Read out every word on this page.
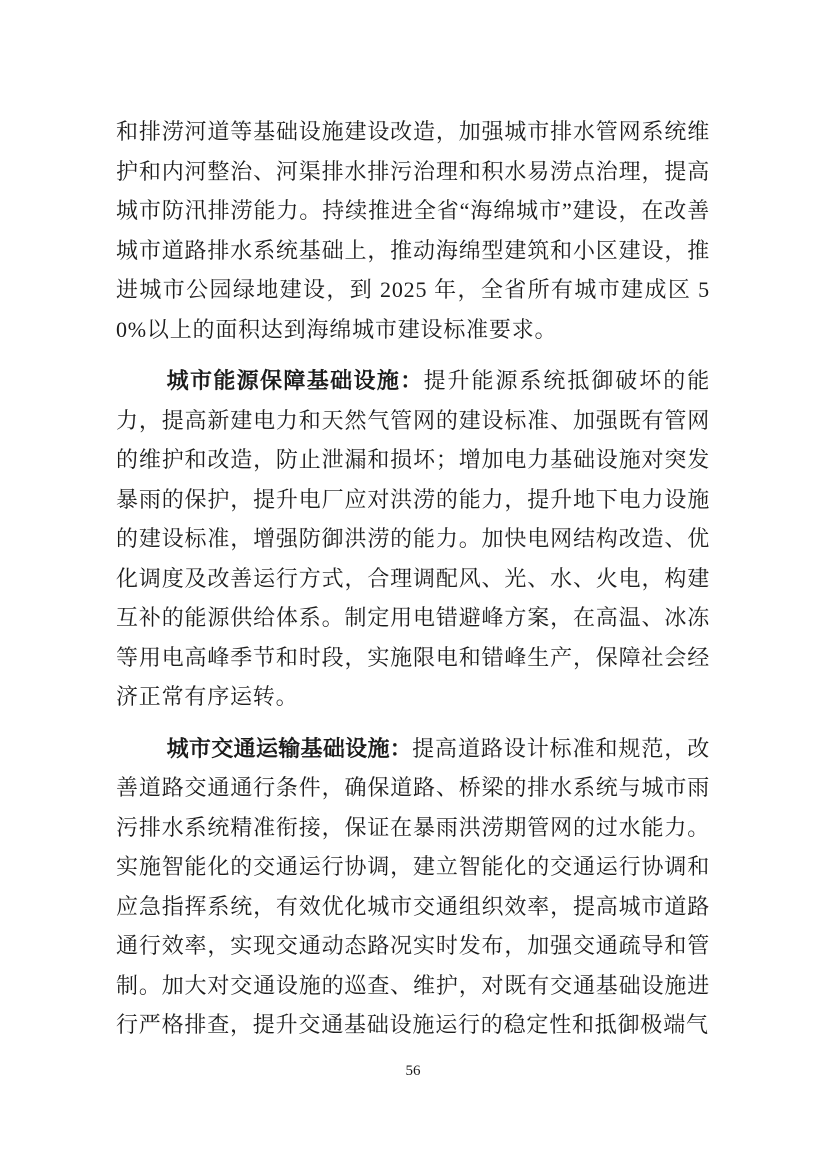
和排涝河道等基础设施建设改造，加强城市排水管网系统维护和内河整治、河渠排水排污治理和积水易涝点治理，提高城市防汛排涝能力。持续推进全省“海绵城市”建设，在改善城市道路排水系统基础上，推动海绵型建筑和小区建设，推进城市公园绿地建设，到 2025 年，全省所有城市建成区 50%以上的面积达到海绵城市建设标准要求。

城市能源保障基础设施：提升能源系统抵御破坏的能力，提高新建电力和天然气管网的建设标准、加强既有管网的维护和改造，防止泄漏和损坏；增加电力基础设施对突发暴雨的保护，提升电厂应对洪涝的能力，提升地下电力设施的建设标准，增强防御洪涝的能力。加快电网结构改造、优化调度及改善运行方式，合理调配风、光、水、火电，构建互补的能源供给体系。制定用电错避峰方案，在高温、冰冻等用电高峰季节和时段，实施限电和错峰生产，保障社会经济正常有序运转。

城市交通运输基础设施：提高道路设计标准和规范，改善道路交通通行条件，确保道路、桥梁的排水系统与城市雨污排水系统精准衔接，保证在暴雨洪涝期管网的过水能力。实施智能化的交通运行协调，建立智能化的交通运行协调和应急指挥系统，有效优化城市交通组织效率，提高城市道路通行效率，实现交通动态路况实时发布，加强交通疏导和管制。加大对交通设施的巡查、维护，对既有交通基础设施进行严格排查，提升交通基础设施运行的稳定性和抵御极端气

56
